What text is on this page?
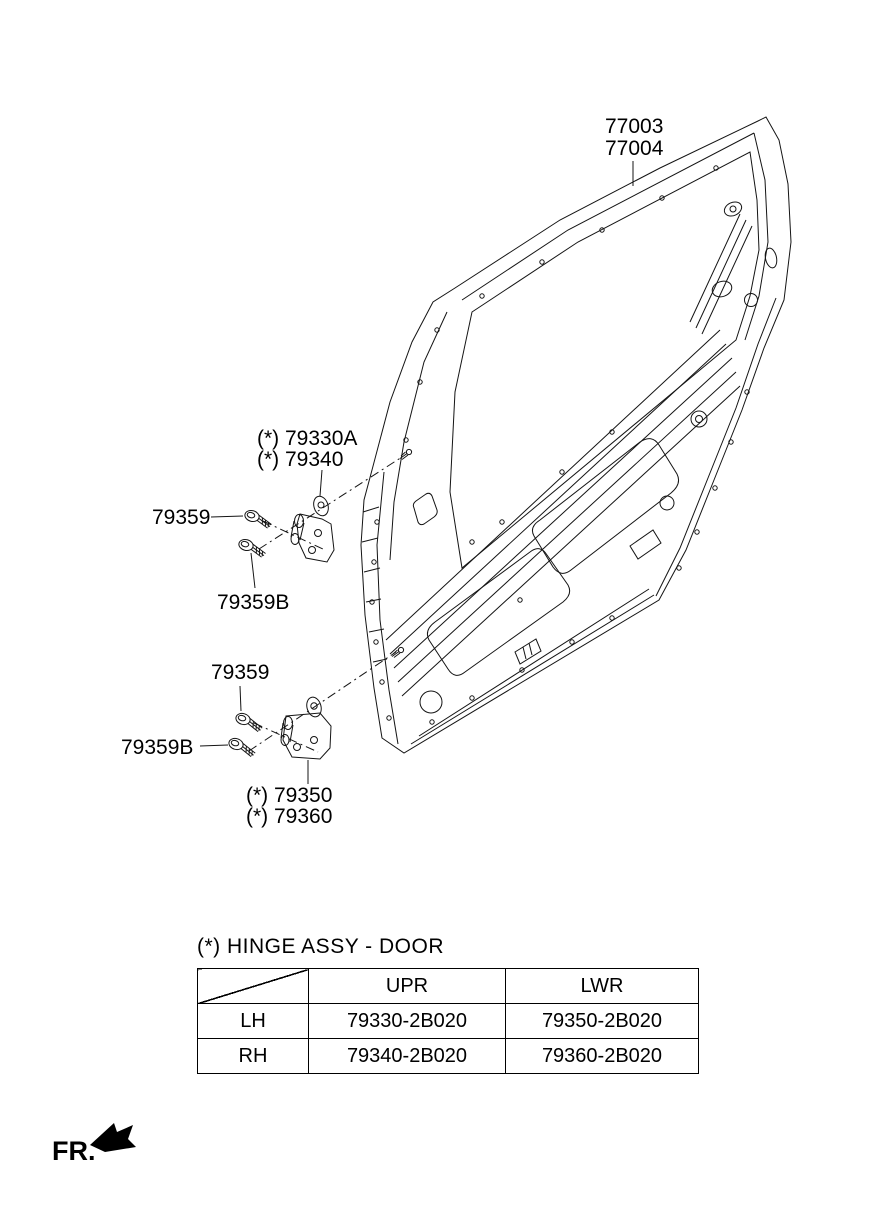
77003
77004
(*) 79330A
(*) 79340
79359
79359B
79359
79359B
(*) 79350
(*) 79360
(*) HINGE ASSY - DOOR
	UPR	LWR
LH	79330-2B020	79350-2B020
RH	79340-2B020	79360-2B020
FR.
